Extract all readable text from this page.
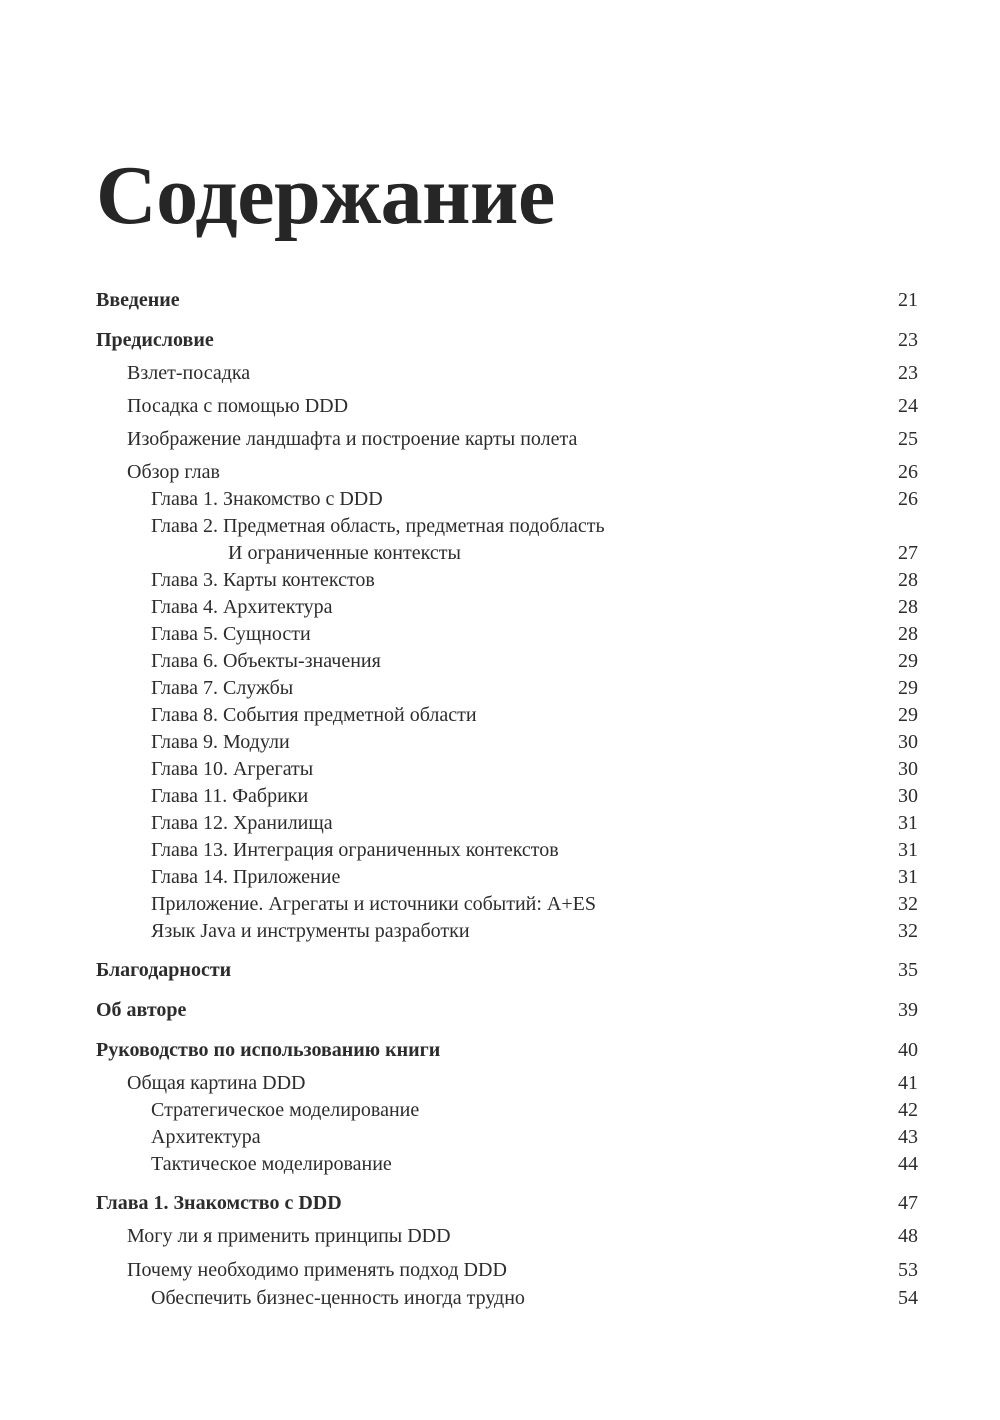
Содержание
Введение	21
Предисловие	23
Взлет-посадка	23
Посадка с помощью DDD	24
Изображение ландшафта и построение карты полета	25
Обзор глав	26
Глава 1. Знакомство с DDD	26
Глава 2. Предметная область, предметная подобласть
И ограниченные контексты	27
Глава 3. Карты контекстов	28
Глава 4. Архитектура	28
Глава 5. Сущности	28
Глава 6. Объекты-значения	29
Глава 7. Службы	29
Глава 8. События предметной области	29
Глава 9. Модули	30
Глава 10. Агрегаты	30
Глава 11. Фабрики	30
Глава 12. Хранилища	31
Глава 13. Интеграция ограниченных контекстов	31
Глава 14. Приложение	31
Приложение. Агрегаты и источники событий: A+ES	32
Язык Java и инструменты разработки	32
Благодарности	35
Об авторе	39
Руководство по использованию книги	40
Общая картина DDD	41
Стратегическое моделирование	42
Архитектура	43
Тактическое моделирование	44
Глава 1. Знакомство с DDD	47
Могу ли я применить принципы DDD	48
Почему необходимо применять подход DDD	53
Обеспечить бизнес-ценность иногда трудно	54
